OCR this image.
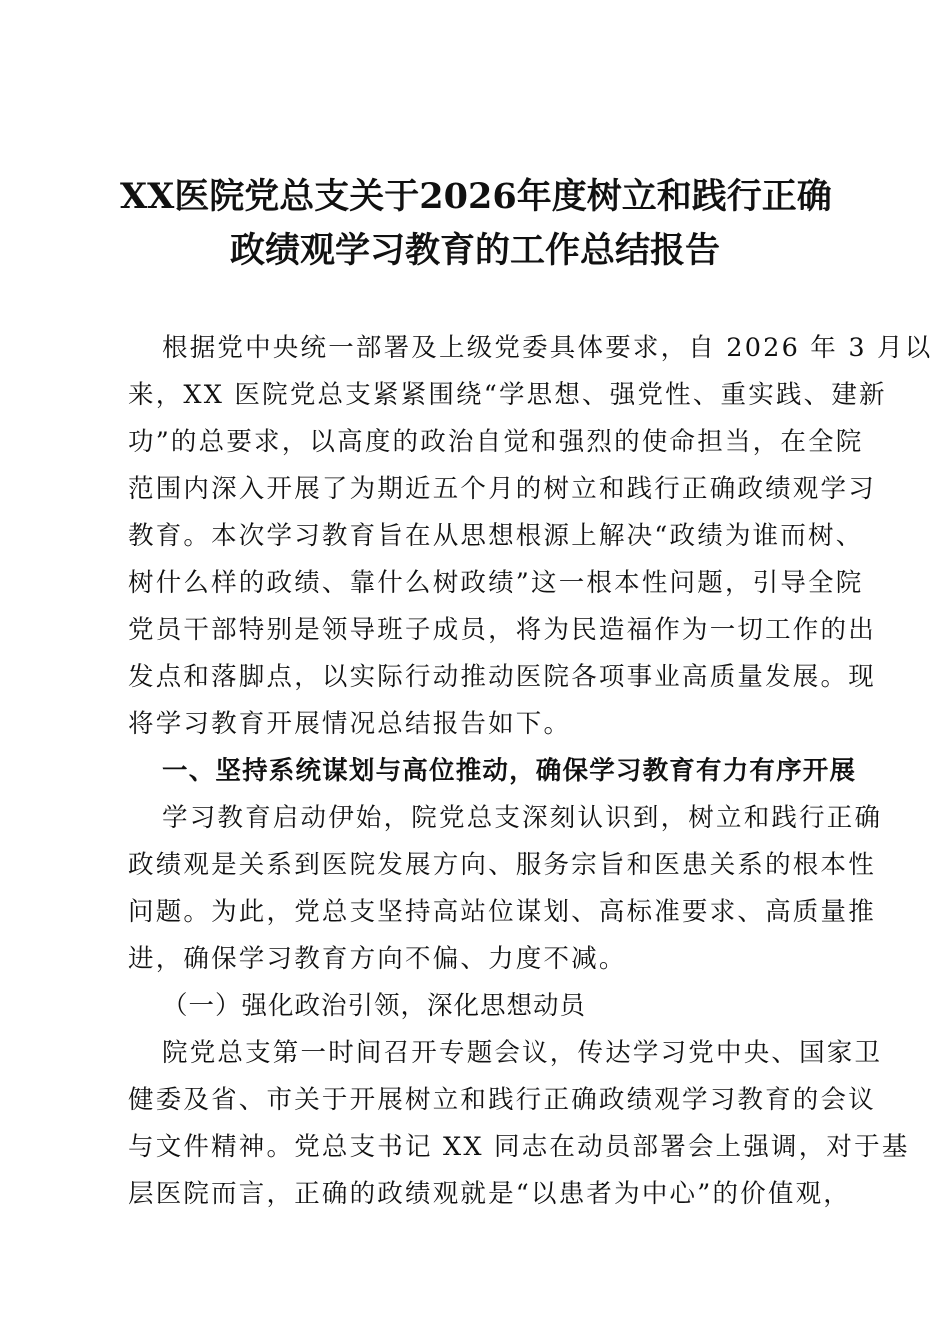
XX医院党总支关于2026年度树立和践行正确
政绩观学习教育的工作总结报告
根据党中央统一部署及上级党委具体要求，自 2026 年 3 月以
来，XX 医院党总支紧紧围绕“学思想、强党性、重实践、建新
功”的总要求，以高度的政治自觉和强烈的使命担当，在全院
范围内深入开展了为期近五个月的树立和践行正确政绩观学习
教育。本次学习教育旨在从思想根源上解决“政绩为谁而树、
树什么样的政绩、靠什么树政绩”这一根本性问题，引导全院
党员干部特别是领导班子成员，将为民造福作为一切工作的出
发点和落脚点，以实际行动推动医院各项事业高质量发展。现
将学习教育开展情况总结报告如下。
一、坚持系统谋划与高位推动，确保学习教育有力有序开展
学习教育启动伊始，院党总支深刻认识到，树立和践行正确
政绩观是关系到医院发展方向、服务宗旨和医患关系的根本性
问题。为此，党总支坚持高站位谋划、高标准要求、高质量推
进，确保学习教育方向不偏、力度不减。
（一）强化政治引领，深化思想动员
院党总支第一时间召开专题会议，传达学习党中央、国家卫
健委及省、市关于开展树立和践行正确政绩观学习教育的会议
与文件精神。党总支书记 XX 同志在动员部署会上强调，对于基
层医院而言，正确的政绩观就是“以患者为中心”的价值观，
